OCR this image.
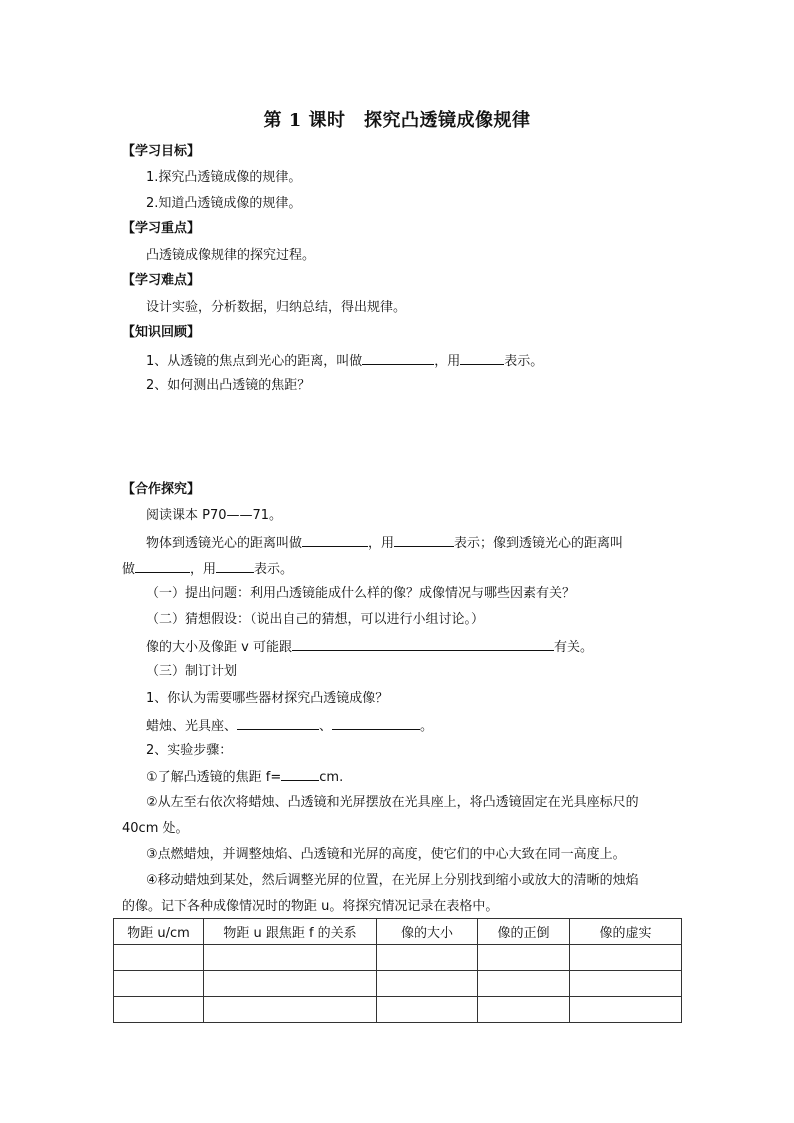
第 1 课时　探究凸透镜成像规律
【学习目标】
1.探究凸透镜成像的规律。
2.知道凸透镜成像的规律。
【学习重点】
凸透镜成像规律的探究过程。
【学习难点】
设计实验，分析数据，归纳总结，得出规律。
【知识回顾】
1、从透镜的焦点到光心的距离，叫做	，用	表示。
2、如何测出凸透镜的焦距？
【合作探究】
阅读课本 P70——71。
物体到透镜光心的距离叫做	，用	表示；像到透镜光心的距离叫
做	，用	表示。
（一）提出问题：利用凸透镜能成什么样的像？成像情况与哪些因素有关？
（二）猜想假设：（说出自己的猜想，可以进行小组讨论。）
像的大小及像距 v 可能跟	有关。
（三）制订计划
1、你认为需要哪些器材探究凸透镜成像？
蜡烛、光具座、	、	。
2、实验步骤：
①了解凸透镜的焦距 f=	cm.
②从左至右依次将蜡烛、凸透镜和光屏摆放在光具座上，将凸透镜固定在光具座标尺的
40cm 处。
③点燃蜡烛，并调整烛焰、凸透镜和光屏的高度，使它们的中心大致在同一高度上。
④移动蜡烛到某处，然后调整光屏的位置，在光屏上分别找到缩小或放大的清晰的烛焰
的像。记下各种成像情况时的物距 u。将探究情况记录在表格中。
物距 u/cm	物距 u 跟焦距 f 的关系	像的大小	像的正倒	像的虚实
